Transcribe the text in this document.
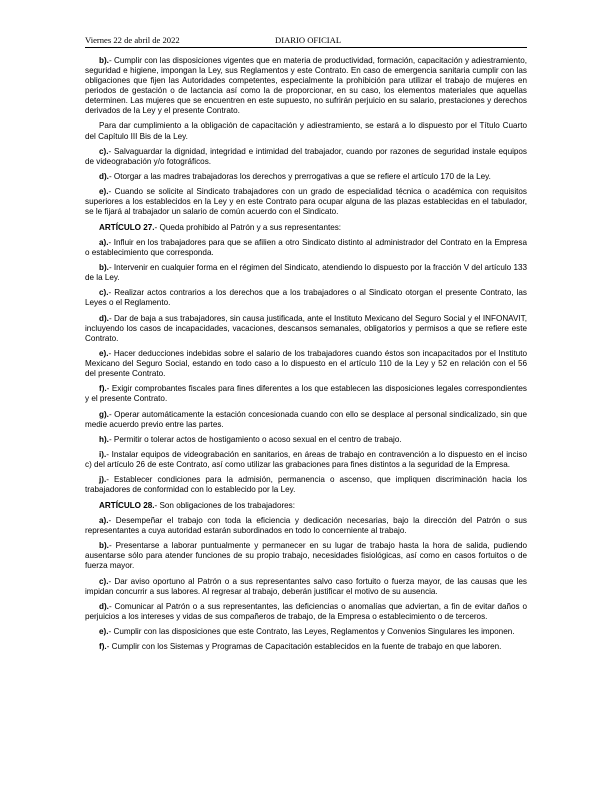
Viernes 22 de abril de 2022	DIARIO OFICIAL

b).- Cumplir con las disposiciones vigentes que en materia de productividad, formación, capacitación y adiestramiento, seguridad e higiene, impongan la Ley, sus Reglamentos y este Contrato. En caso de emergencia sanitaria cumplir con las obligaciones que fijen las Autoridades competentes, especialmente la prohibición para utilizar el trabajo de mujeres en periodos de gestación o de lactancia así como la de proporcionar, en su caso, los elementos materiales que aquellas determinen. Las mujeres que se encuentren en este supuesto, no sufrirán perjuicio en su salario, prestaciones y derechos derivados de la Ley y el presente Contrato.

Para dar cumplimiento a la obligación de capacitación y adiestramiento, se estará a lo dispuesto por el Título Cuarto del Capítulo III Bis de la Ley.

c).- Salvaguardar la dignidad, integridad e intimidad del trabajador, cuando por razones de seguridad instale equipos de videograbación y/o fotográficos.

d).- Otorgar a las madres trabajadoras los derechos y prerrogativas a que se refiere el artículo 170 de la Ley.

e).- Cuando se solicite al Sindicato trabajadores con un grado de especialidad técnica o académica con requisitos superiores a los establecidos en la Ley y en este Contrato para ocupar alguna de las plazas establecidas en el tabulador, se le fijará al trabajador un salario de común acuerdo con el Sindicato.

ARTÍCULO 27.- Queda prohibido al Patrón y a sus representantes:

a).- Influir en los trabajadores para que se afilien a otro Sindicato distinto al administrador del Contrato en la Empresa o establecimiento que corresponda.

b).- Intervenir en cualquier forma en el régimen del Sindicato, atendiendo lo dispuesto por la fracción V del artículo 133 de la Ley.

c).- Realizar actos contrarios a los derechos que a los trabajadores o al Sindicato otorgan el presente Contrato, las Leyes o el Reglamento.

d).- Dar de baja a sus trabajadores, sin causa justificada, ante el Instituto Mexicano del Seguro Social y el INFONAVIT, incluyendo los casos de incapacidades, vacaciones, descansos semanales, obligatorios y permisos a que se refiere este Contrato.

e).- Hacer deducciones indebidas sobre el salario de los trabajadores cuando éstos son incapacitados por el Instituto Mexicano del Seguro Social, estando en todo caso a lo dispuesto en el artículo 110 de la Ley y 52 en relación con el 56 del presente Contrato.

f).- Exigir comprobantes fiscales para fines diferentes a los que establecen las disposiciones legales correspondientes y el presente Contrato.

g).- Operar automáticamente la estación concesionada cuando con ello se desplace al personal sindicalizado, sin que medie acuerdo previo entre las partes.

h).- Permitir o tolerar actos de hostigamiento o acoso sexual en el centro de trabajo.

i).- Instalar equipos de videograbación en sanitarios, en áreas de trabajo en contravención a lo dispuesto en el inciso c) del artículo 26 de este Contrato, así como utilizar las grabaciones para fines distintos a la seguridad de la Empresa.

j).- Establecer condiciones para la admisión, permanencia o ascenso, que impliquen discriminación hacia los trabajadores de conformidad con lo establecido por la Ley.

ARTÍCULO 28.- Son obligaciones de los trabajadores:

a).- Desempeñar el trabajo con toda la eficiencia y dedicación necesarias, bajo la dirección del Patrón o sus representantes a cuya autoridad estarán subordinados en todo lo concerniente al trabajo.

b).- Presentarse a laborar puntualmente y permanecer en su lugar de trabajo hasta la hora de salida, pudiendo ausentarse sólo para atender funciones de su propio trabajo, necesidades fisiológicas, así como en casos fortuitos o de fuerza mayor.

c).- Dar aviso oportuno al Patrón o a sus representantes salvo caso fortuito o fuerza mayor, de las causas que les impidan concurrir a sus labores. Al regresar al trabajo, deberán justificar el motivo de su ausencia.

d).- Comunicar al Patrón o a sus representantes, las deficiencias o anomalías que adviertan, a fin de evitar daños o perjuicios a los intereses y vidas de sus compañeros de trabajo, de la Empresa o establecimiento o de terceros.

e).- Cumplir con las disposiciones que este Contrato, las Leyes, Reglamentos y Convenios Singulares les imponen.

f).- Cumplir con los Sistemas y Programas de Capacitación establecidos en la fuente de trabajo en que laboren.
